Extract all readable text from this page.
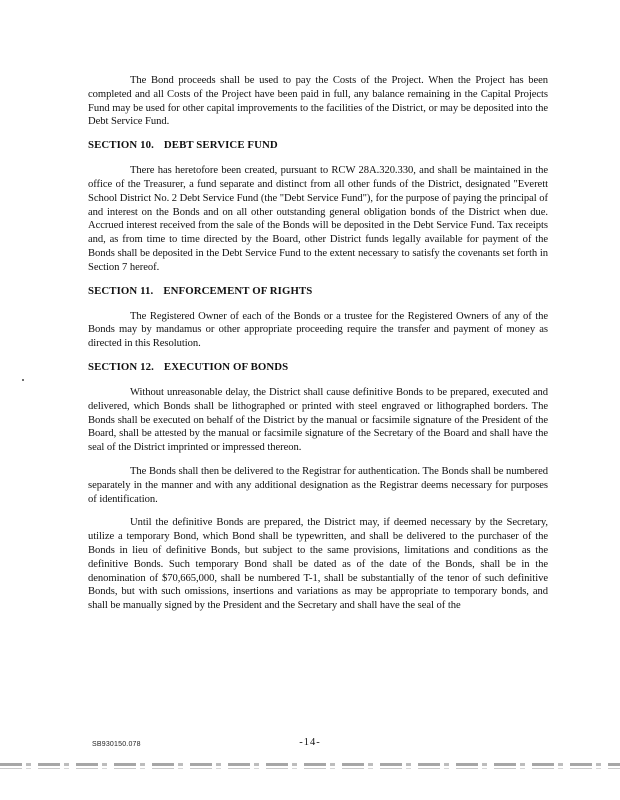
The Bond proceeds shall be used to pay the Costs of the Project. When the Project has been completed and all Costs of the Project have been paid in full, any balance remaining in the Capital Projects Fund may be used for other capital improvements to the facilities of the District, or may be deposited into the Debt Service Fund.

SECTION 10. DEBT SERVICE FUND

There has heretofore been created, pursuant to RCW 28A.320.330, and shall be maintained in the office of the Treasurer, a fund separate and distinct from all other funds of the District, designated "Everett School District No. 2 Debt Service Fund (the "Debt Service Fund"), for the purpose of paying the principal of and interest on the Bonds and on all other outstanding general obligation bonds of the District when due. Accrued interest received from the sale of the Bonds will be deposited in the Debt Service Fund. Tax receipts and, as from time to time directed by the Board, other District funds legally available for payment of the Bonds shall be deposited in the Debt Service Fund to the extent necessary to satisfy the covenants set forth in Section 7 hereof.

SECTION 11. ENFORCEMENT OF RIGHTS

The Registered Owner of each of the Bonds or a trustee for the Registered Owners of any of the Bonds may by mandamus or other appropriate proceeding require the transfer and payment of money as directed in this Resolution.

SECTION 12. EXECUTION OF BONDS

Without unreasonable delay, the District shall cause definitive Bonds to be prepared, executed and delivered, which Bonds shall be lithographed or printed with steel engraved or lithographed borders. The Bonds shall be executed on behalf of the District by the manual or facsimile signature of the President of the Board, shall be attested by the manual or facsimile signature of the Secretary of the Board and shall have the seal of the District imprinted or impressed thereon.

The Bonds shall then be delivered to the Registrar for authentication. The Bonds shall be numbered separately in the manner and with any additional designation as the Registrar deems necessary for purposes of identification.

Until the definitive Bonds are prepared, the District may, if deemed necessary by the Secretary, utilize a temporary Bond, which Bond shall be typewritten, and shall be delivered to the purchaser of the Bonds in lieu of definitive Bonds, but subject to the same provisions, limitations and conditions as the definitive Bonds. Such temporary Bond shall be dated as of the date of the Bonds, shall be in the denomination of $70,665,000, shall be numbered T-1, shall be substantially of the tenor of such definitive Bonds, but with such omissions, insertions and variations as may be appropriate to temporary bonds, and shall be manually signed by the President and the Secretary and shall have the seal of the

SB930150.078	-14-
